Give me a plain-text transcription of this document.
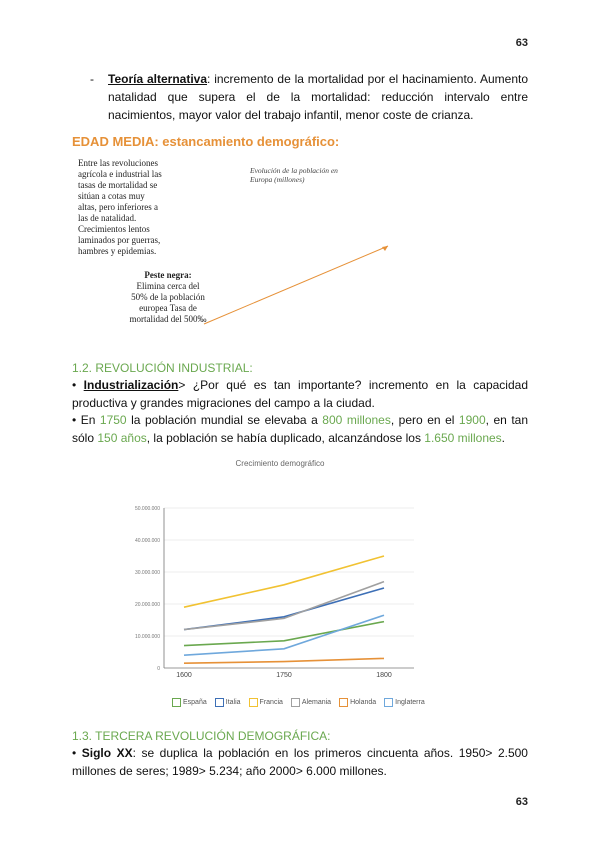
63
- Teoría alternativa: incremento de la mortalidad por el hacinamiento. Aumento natalidad que supera el de la mortalidad: reducción intervalo entre nacimientos, mayor valor del trabajo infantil, menor coste de crianza.
EDAD MEDIA: estancamiento demográfico:
Entre las revoluciones agrícola e industrial las tasas de mortalidad se sitúan a cotas muy altas, pero inferiores a las de natalidad. Crecimientos lentos laminados por guerras, hambres y epidemias.
Evolución de la población en Europa (millones)
Peste negra:
Elimina cerca del 50% de la población europea Tasa de mortalidad del 500‰
1.2. REVOLUCIÓN INDUSTRIAL:
• Industrialización> ¿Por qué es tan importante? incremento en la capacidad productiva y grandes migraciones del campo a la ciudad.
• En 1750 la población mundial se elevaba a 800 millones, pero en el 1900, en tan sólo 150 años, la población se había duplicado, alcanzándose los 1.650 millones.
Crecimiento demográfico
0
10.000.000
20.000.000
30.000.000
40.000.000
50.000.000
1600	1750	1800
España	Italia	Francia	Alemania	Holanda	Inglaterra
1.3. TERCERA REVOLUCIÓN DEMOGRÁFICA:
• Siglo XX: se duplica la población en los primeros cincuenta años. 1950> 2.500 millones de seres; 1989> 5.234; año 2000> 6.000 millones.
63
